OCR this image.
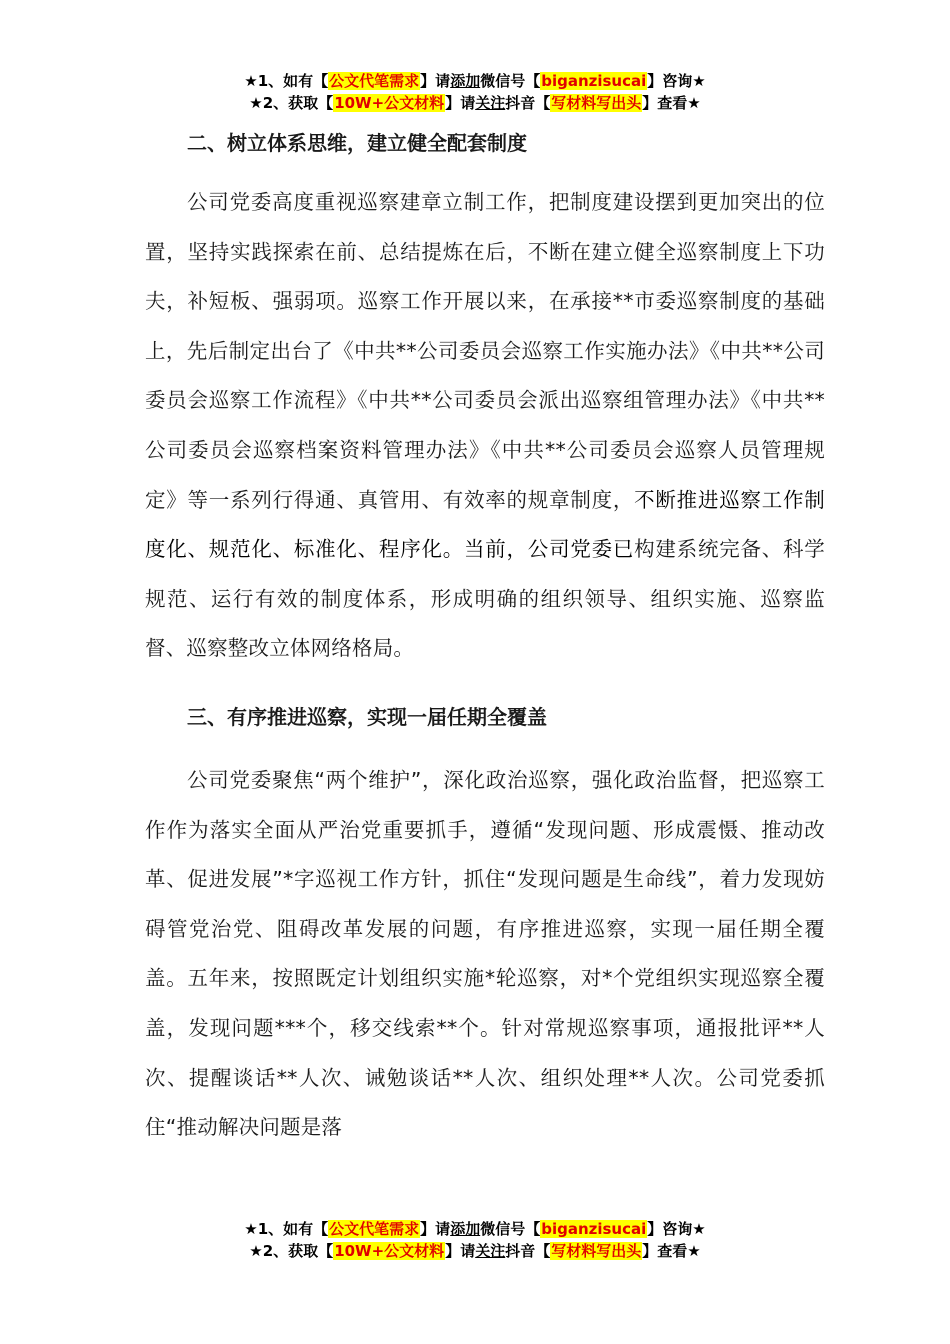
★1、如有【公文代笔需求】请添加微信号【biganzisucai】咨询★
★2、获取【10W+公文材料】请关注抖音【写材料写出头】查看★

二、树立体系思维，建立健全配套制度

公司党委高度重视巡察建章立制工作，把制度建设摆到更加突出的位置，坚持实践探索在前、总结提炼在后，不断在建立健全巡察制度上下功夫，补短板、强弱项。巡察工作开展以来，在承接**市委巡察制度的基础上，先后制定出台了《中共**公司委员会巡察工作实施办法》《中共**公司委员会巡察工作流程》《中共**公司委员会派出巡察组管理办法》《中共**公司委员会巡察档案资料管理办法》《中共**公司委员会巡察人员管理规定》等一系列行得通、真管用、有效率的规章制度，不断推进巡察工作制度化、规范化、标准化、程序化。当前，公司党委已构建系统完备、科学规范、运行有效的制度体系，形成明确的组织领导、组织实施、巡察监督、巡察整改立体网络格局。

三、有序推进巡察，实现一届任期全覆盖

公司党委聚焦“两个维护”，深化政治巡察，强化政治监督，把巡察工作作为落实全面从严治党重要抓手，遵循“发现问题、形成震慑、推动改革、促进发展”*字巡视工作方针，抓住“发现问题是生命线”，着力发现妨碍管党治党、阻碍改革发展的问题，有序推进巡察，实现一届任期全覆盖。五年来，按照既定计划组织实施*轮巡察，对*个党组织实现巡察全覆盖，发现问题***个，移交线索**个。针对常规巡察事项，通报批评**人次、提醒谈话**人次、诫勉谈话**人次、组织处理**人次。公司党委抓住“推动解决问题是落

★1、如有【公文代笔需求】请添加微信号【biganzisucai】咨询★
★2、获取【10W+公文材料】请关注抖音【写材料写出头】查看★
